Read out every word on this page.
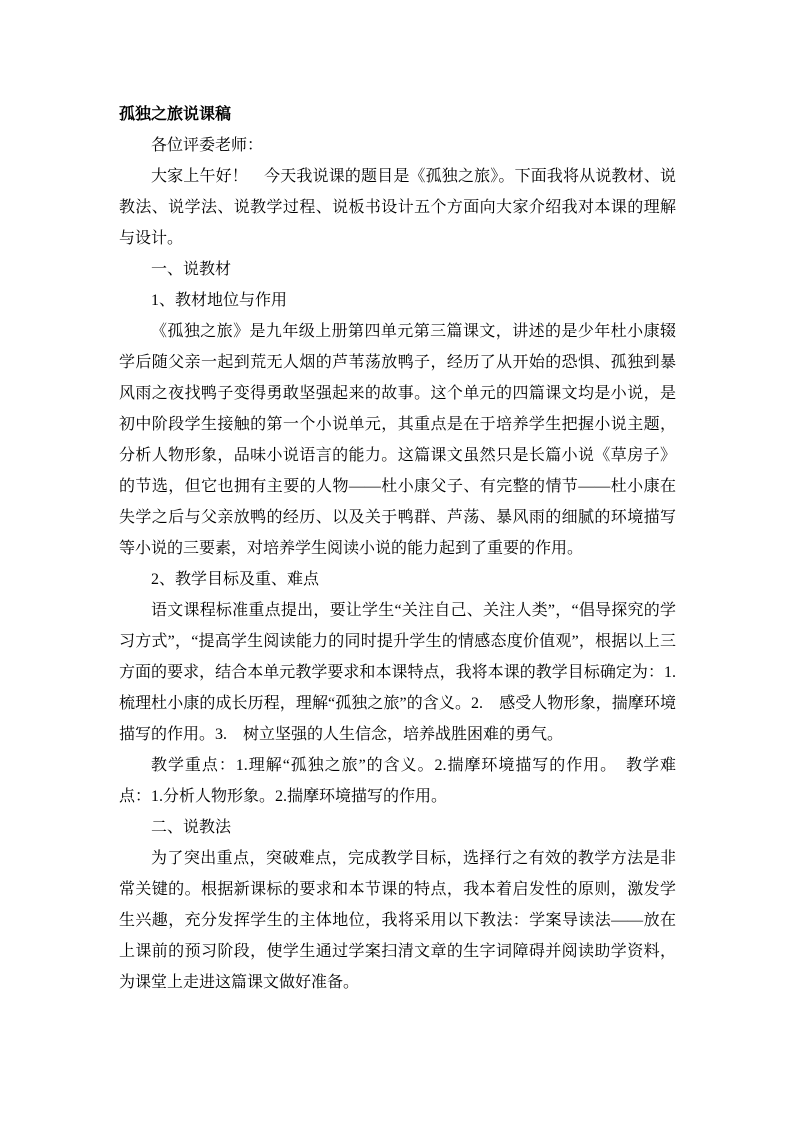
孤独之旅说课稿

各位评委老师：

大家上午好！　今天我说课的题目是《孤独之旅》。下面我将从说教材、说教法、说学法、说教学过程、说板书设计五个方面向大家介绍我对本课的理解与设计。

一、说教材

1、教材地位与作用

《孤独之旅》是九年级上册第四单元第三篇课文，讲述的是少年杜小康辍学后随父亲一起到荒无人烟的芦苇荡放鸭子，经历了从开始的恐惧、孤独到暴风雨之夜找鸭子变得勇敢坚强起来的故事。这个单元的四篇课文均是小说，是初中阶段学生接触的第一个小说单元，其重点是在于培养学生把握小说主题，分析人物形象，品味小说语言的能力。这篇课文虽然只是长篇小说《草房子》的节选，但它也拥有主要的人物——杜小康父子、有完整的情节——杜小康在失学之后与父亲放鸭的经历、以及关于鸭群、芦荡、暴风雨的细腻的环境描写等小说的三要素，对培养学生阅读小说的能力起到了重要的作用。

2、教学目标及重、难点

语文课程标准重点提出，要让学生“关注自己、关注人类”，“倡导探究的学习方式”，“提高学生阅读能力的同时提升学生的情感态度价值观”，根据以上三方面的要求，结合本单元教学要求和本课特点，我将本课的教学目标确定为：1.梳理杜小康的成长历程，理解“孤独之旅”的含义。2.　感受人物形象，揣摩环境描写的作用。3.　树立坚强的人生信念，培养战胜困难的勇气。

教学重点：1.理解“孤独之旅”的含义。2.揣摩环境描写的作用。　教学难点：1.分析人物形象。2.揣摩环境描写的作用。

二、说教法

为了突出重点，突破难点，完成教学目标，选择行之有效的教学方法是非常关键的。根据新课标的要求和本节课的特点，我本着启发性的原则，激发学生兴趣，充分发挥学生的主体地位，我将采用以下教法：学案导读法——放在上课前的预习阶段，使学生通过学案扫清文章的生字词障碍并阅读助学资料，为课堂上走进这篇课文做好准备。
